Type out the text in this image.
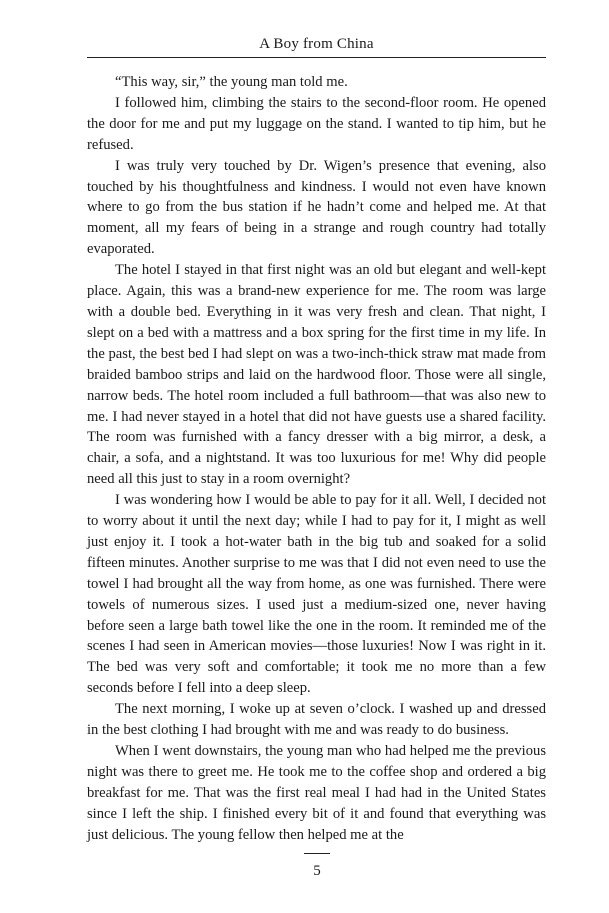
A Boy from China

“This way, sir,” the young man told me.

I followed him, climbing the stairs to the second-floor room. He opened the door for me and put my luggage on the stand. I wanted to tip him, but he refused.

I was truly very touched by Dr. Wigen’s presence that evening, also touched by his thoughtfulness and kindness. I would not even have known where to go from the bus station if he hadn’t come and helped me. At that moment, all my fears of being in a strange and rough country had totally evaporated.

The hotel I stayed in that first night was an old but elegant and well-kept place. Again, this was a brand-new experience for me. The room was large with a double bed. Everything in it was very fresh and clean. That night, I slept on a bed with a mattress and a box spring for the first time in my life. In the past, the best bed I had slept on was a two-inch-thick straw mat made from braided bamboo strips and laid on the hardwood floor. Those were all single, narrow beds. The hotel room included a full bathroom—that was also new to me. I had never stayed in a hotel that did not have guests use a shared facility. The room was furnished with a fancy dresser with a big mirror, a desk, a chair, a sofa, and a nightstand. It was too luxurious for me! Why did people need all this just to stay in a room overnight?

I was wondering how I would be able to pay for it all. Well, I decided not to worry about it until the next day; while I had to pay for it, I might as well just enjoy it. I took a hot-water bath in the big tub and soaked for a solid fifteen minutes. Another surprise to me was that I did not even need to use the towel I had brought all the way from home, as one was furnished. There were towels of numerous sizes. I used just a medium-sized one, never having before seen a large bath towel like the one in the room. It reminded me of the scenes I had seen in American movies—those luxuries! Now I was right in it. The bed was very soft and comfortable; it took me no more than a few seconds before I fell into a deep sleep.

The next morning, I woke up at seven o’clock. I washed up and dressed in the best clothing I had brought with me and was ready to do business.

When I went downstairs, the young man who had helped me the previous night was there to greet me. He took me to the coffee shop and ordered a big breakfast for me. That was the first real meal I had had in the United States since I left the ship. I finished every bit of it and found that everything was just delicious. The young fellow then helped me at the

5
